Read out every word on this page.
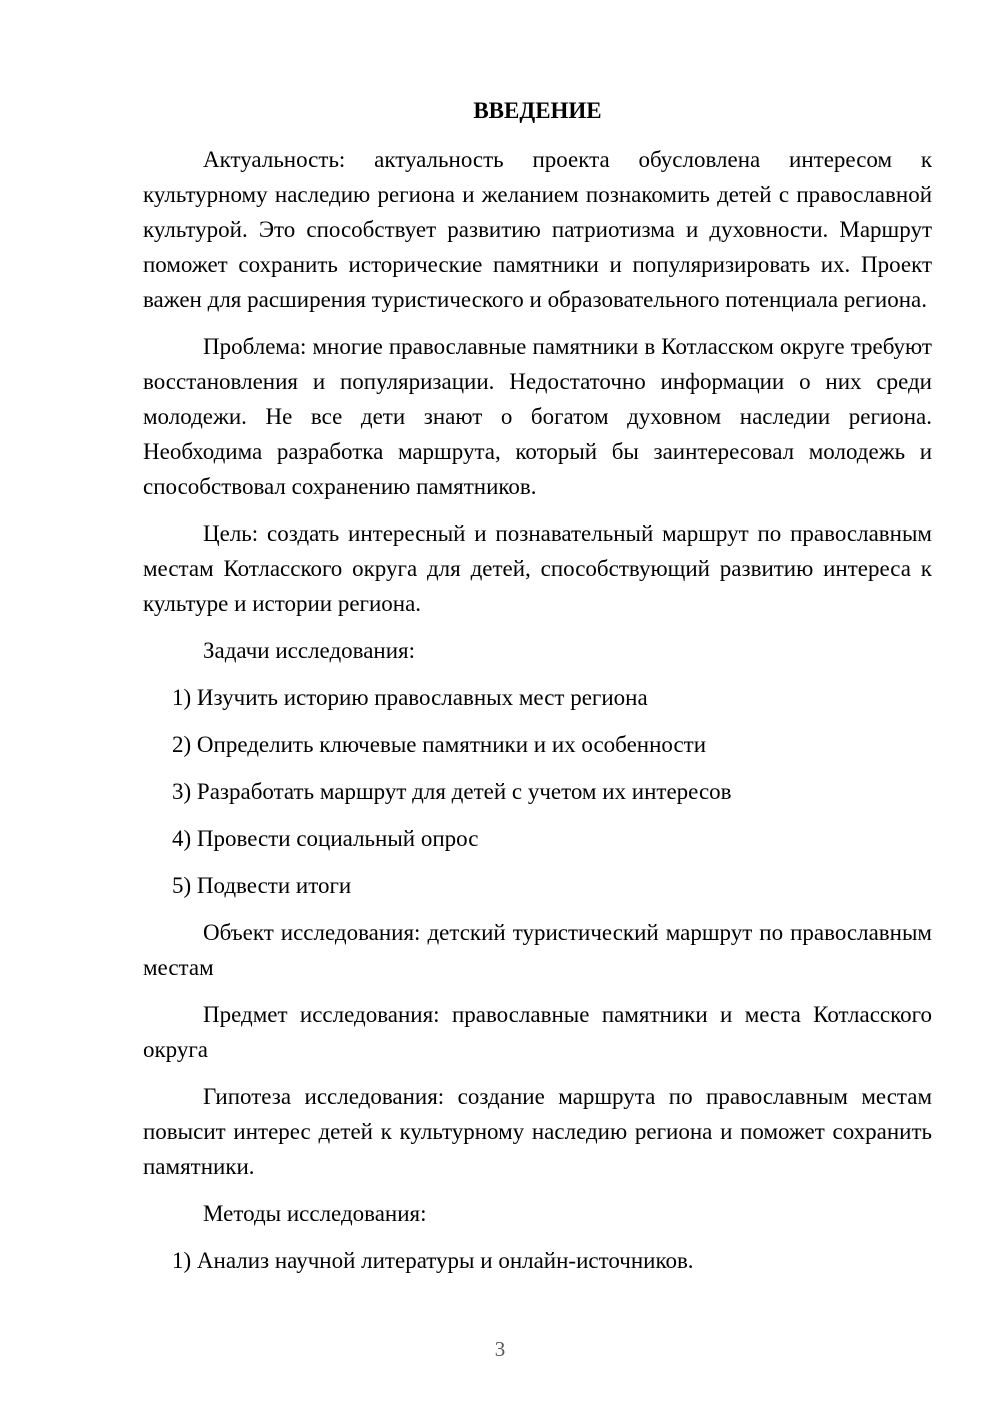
ВВЕДЕНИЕ

Актуальность: актуальность проекта обусловлена интересом к культурному наследию региона и желанием познакомить детей с православной культурой. Это способствует развитию патриотизма и духовности. Маршрут поможет сохранить исторические памятники и популяризировать их. Проект важен для расширения туристического и образовательного потенциала региона.

Проблема: многие православные памятники в Котласском округе требуют восстановления и популяризации. Недостаточно информации о них среди молодежи. Не все дети знают о богатом духовном наследии региона. Необходима разработка маршрута, который бы заинтересовал молодежь и способствовал сохранению памятников.

Цель: создать интересный и познавательный маршрут по православным местам Котласского округа для детей, способствующий развитию интереса к культуре и истории региона.

Задачи исследования:

1) Изучить историю православных мест региона

2) Определить ключевые памятники и их особенности

3) Разработать маршрут для детей с учетом их интересов

4) Провести социальный опрос

5) Подвести итоги

Объект исследования: детский туристический маршрут по православным местам

Предмет исследования: православные памятники и места Котласского округа

Гипотеза исследования: создание маршрута по православным местам повысит интерес детей к культурному наследию региона и поможет сохранить памятники.

Методы исследования:

1) Анализ научной литературы и онлайн-источников.

3
